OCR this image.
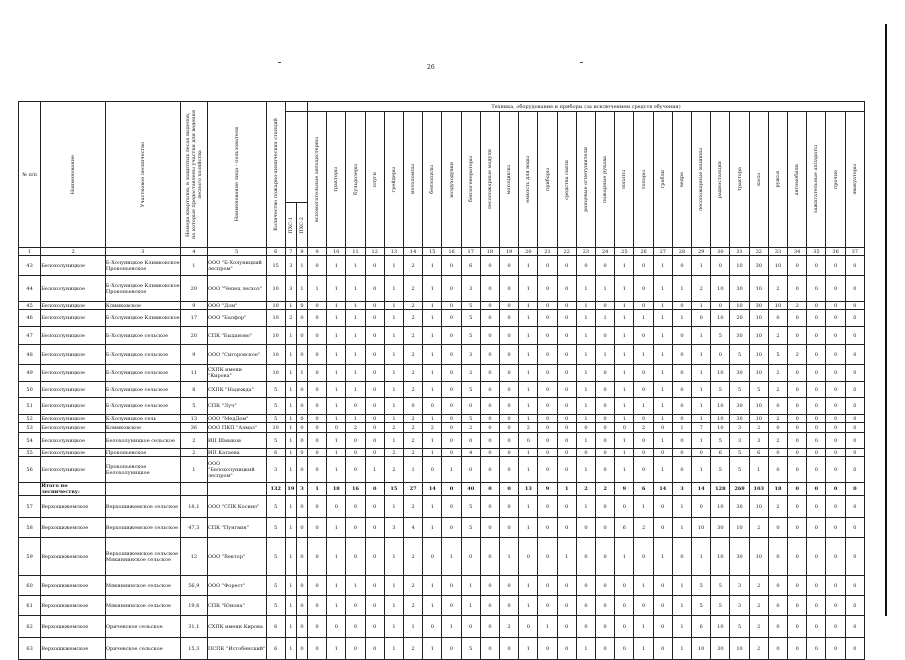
26
№ п/п	Наименование	Участковое лесничество	Номера кварталов, в защитных лесах выделов, на которые предоставлены участки для ведения лесного хозяйства	Наименование лица - пользователя	Количество пожарно-химических станций			Техника, оборудование и приборы (за исключением средств обучения)																												

								вспомогательные автоцистерны	тракторы	бульдозеры	плуги	грейдеры	мотопомпы	бензопилы	воздуходувки	бензогенераторы	лесопожарные модули	мотоциклы	емкость для воды	приборы	средства связи	ранцевые огнетушители	пожарные рукава	лопаты	топоры	грабли	ведра	лесопожарные машины	радиостанции	трактора	косы	ружья	автомобили	зажигательные аппараты	прочие	эвакуаторы

						ПХС-1	ПХС-2																													

1	2	3	4	5	6	7	8	9	10	11	12	13	14	15	16	17	18	19	20	21	22	23	24	25	26	27	28	29	30	31	32	33	34	35	36	37
43	Белохолуницкое	Б-Холуницкое Климковское Прокопьевское	1	ООО "Б-Холуницкий леспром"	15	3	1	0	1	1	0	1	2	1	0	6	0	0	1	0	0	0	0	1	0	1	0	1	0	10	30	10	0	0	0	0
44	Белохолуницкое	Б-Холуницкое Климковское Прокопьевское	20	ООО "Чепец лесхоз"	10	3	1	1	1	1	0	1	2	1	0	3	0	0	1	0	0	1	1	1	0	1	1	2	10	30	10	2	0	0	0	0
45	Белохолуницкое	Климковское	9	ООО "Дом"	10	1	0	0	1	1	0	1	2	1	0	5	0	0	1	0	0	1	0	1	0	1	0	1	0	10	30	10	2	0	0	0
46	Белохолуницкое	Б-Холуницкое Климковское	17	ООО "Балфор"	10	2	0	0	1	1	0	1	2	1	0	5	0	0	1	0	0	1	1	1	1	1	1	0	10	20	10	0	0	0	0	0
47	Белохолуницкое	Б-Холуницкое сельское	20	СПК "Быданово"	10	1	0	0	1	1	0	1	2	1	0	5	0	0	1	0	0	1	0	1	0	1	0	1	5	30	10	2	0	0	0	0
48	Белохолуницкое	Б-Холуницкое сельское	9	ООО "Сигоровское"	10	1	0	0	1	1	0	1	2	1	0	3	0	0	1	0	0	1	1	1	1	1	0	1	0	5	10	5	2	0	0	0
49	Белохолуницкое	Б-Холуницкое сельское	11	СХПК имени "Кирова"	10	1	1	0	1	1	0	1	2	1	0	2	0	0	1	0	0	1	0	1	0	1	0	1	10	30	10	2	0	0	0	0
50	Белохолуницкое	Б-Холуницкое сельское	8	СХПК "Надежда"	5	1	0	0	1	1	0	1	2	1	0	5	0	0	1	0	0	1	0	1	0	1	0	1	5	5	5	2	0	0	0	0
51	Белохолуницкое	Б-Холуницкое сельское	5	СПК "Луч"	5	1	0	0	1	0	0	1	0	0	0	0	0	0	1	0	0	1	0	1	1	1	0	1	10	30	10	0	0	0	0	0
52	Белохолуницкое	Б-Холуницкое сель	13	ООО "МедДом"	5	1	0	0	1	1	0	1	2	1	0	5	0	0	1	0	0	1	0	1	0	1	0	1	10	30	10	2	0	0	0	0
53	Белохолуницкое	Климковское	36	ООО ПКП "Алмаз"	10	1	0	0	0	2	0	2	2	2	0	2	0	0	2	0	0	0	0	0	2	0	1	7	10	3	2	0	0	0	0	0
54	Белохолуницкое	Белохолуницкое сельское	2	ИП Шмыков	5	1	0	0	1	0	0	1	2	1	0	0	0	0	0	0	0	1	0	1	0	1	0	1	5	3	3	2	0	0	0	0
55	Белохолуницкое	Прокопьевское	2	ИП Катаева	6	1	0	0	1	0	0	2	2	1	0	4	0	0	1	0	0	0	0	1	0	0	0	0	6	5	6	0	0	0	0	0
56	Белохолуницкое	Прокопьевское Белохолуницкое	1	ООО "Белохолуницкий леспром"	3	1	0	0	1	0	1	2	1	0	1	0	0	0	1	0	0	1	0	1	0	1	0	1	5	5	1	0	0	0	0	0
	Итого по лесничеству:				132	19	3	1	18	16	0	15	27	14	0	40	0	0	13	9	1	2	2	9	6	14	3	14	128	269	103	18	0	0	0	0
57	Верхошижемское	Верхошижемское сельское	18,1	ООО "СПК Косино"	5	1	0	0	0	0	0	1	2	1	0	5	0	0	1	0	0	1	0	0	1	0	1	0	10	30	10	2	0	0	0	0
58	Верхошижемское	Верхошижемское сельское	47,3	СПК "Пунгвин"	5	1	0	0	1	0	0	3	4	1	0	5	0	0	1	0	0	0	0	6	2	0	1	10	30	10	2	0	0	0	0	0
59	Верхошижемское	Верхошижемское сельское Мякиннинское сельское	12	ООО "Вектор"	5	1	0	0	1	0	0	1	2	0	1	0	0	1	0	0	1	0	0	1	0	1	0	1	10	30	10	0	0	0	0	0
60	Верхошижемское	Мякиннинское сельское	56,9	ООО "Форест"	5	1	0	0	1	1	0	1	2	1	0	1	0	0	1	0	0	0	0	0	1	0	1	5	5	3	2	0	0	0	0	0
61	Верхошижемское	Мякиннинское сельское	19,6	СПК "Юнона"	5	1	0	0	1	0	0	1	2	1	0	1	0	0	1	0	0	0	0	0	0	0	1	5	5	3	2	0	0	0	0	0
62	Верхошижемское	Оричевское сельское	31,1	СХПК имени Кирова	6	1	0	0	0	0	0	1	1	0	1	0	0	2	0	1	0	0	0	0	1	0	1	6	10	5	2	0	0	0	0	0
63	Верхошижемское	Оричевское сельское	15,3	ПСПК "Истобенский"	6	1	0	0	1	0	0	1	2	1	0	5	0	0	1	0	0	1	0	0	1	0	1	10	30	10	2	0	0	0	0	0
